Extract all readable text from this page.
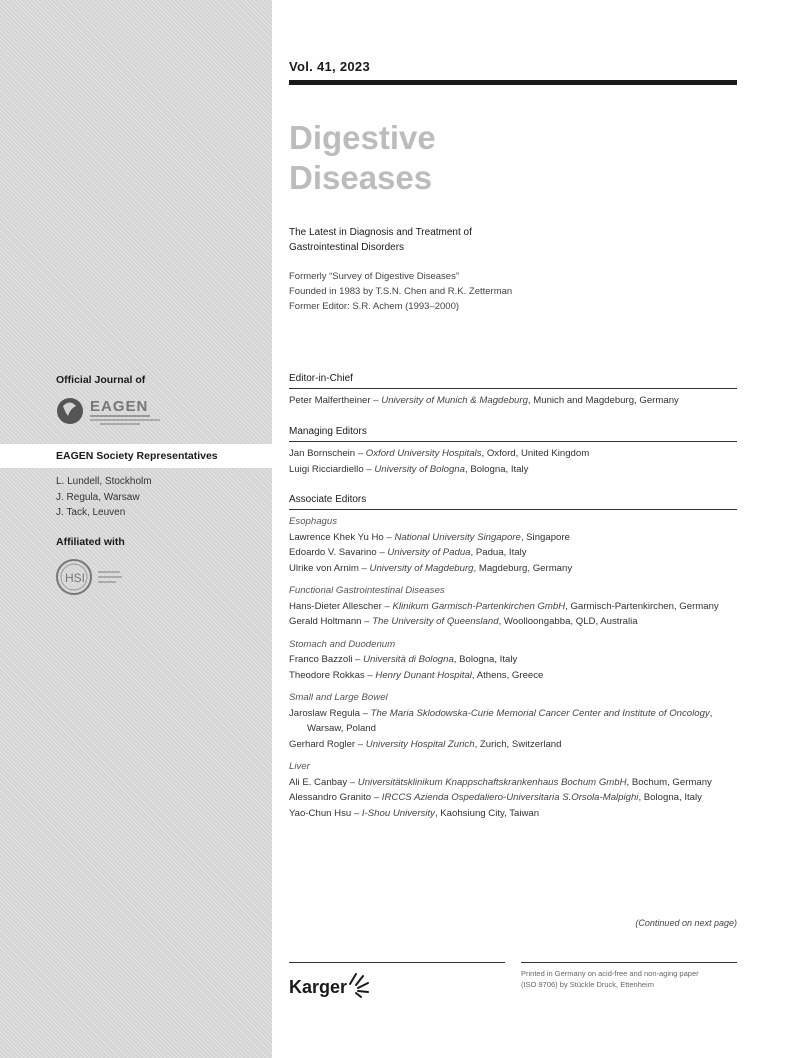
Official Journal of
EAGEN
EAGEN Society Representatives
L. Lundell, Stockholm
J. Regula, Warsaw
J. Tack, Leuven
Affiliated with
HSI
Vol. 41, 2023
Digestive
Diseases
The Latest in Diagnosis and Treatment of
Gastrointestinal Disorders
Formerly “Survey of Digestive Diseases”
Founded in 1983 by T.S.N. Chen and R.K. Zetterman
Former Editor: S.R. Achem (1993–2000)
Editor-in-Chief
Peter Malfertheiner – University of Munich & Magdeburg, Munich and Magdeburg, Germany
Managing Editors
Jan Bornschein – Oxford University Hospitals, Oxford, United Kingdom
Luigi Ricciardiello – University of Bologna, Bologna, Italy
Associate Editors
Esophagus
Lawrence Khek Yu Ho – National University Singapore, Singapore
Edoardo V. Savarino – University of Padua, Padua, Italy
Ulrike von Arnim – University of Magdeburg, Magdeburg, Germany
Functional Gastrointestinal Diseases
Hans-Dieter Allescher – Klinikum Garmisch-Partenkirchen GmbH, Garmisch-Partenkirchen, Germany
Gerald Holtmann – The University of Queensland, Woolloongabba, QLD, Australia
Stomach and Duodenum
Franco Bazzoli – Università di Bologna, Bologna, Italy
Theodore Rokkas – Henry Dunant Hospital, Athens, Greece
Small and Large Bowel
Jaroslaw Regula – The Maria Sklodowska-Curie Memorial Cancer Center and Institute of Oncology,
Warsaw, Poland
Gerhard Rogler – University Hospital Zurich, Zurich, Switzerland
Liver
Ali E. Canbay – Universitätsklinikum Knappschaftskrankenhaus Bochum GmbH, Bochum, Germany
Alessandro Granito – IRCCS Azienda Ospedaliero-Universitaria S.Orsola-Malpighi, Bologna, Italy
Yao-Chun Hsu – I-Shou University, Kaohsiung City, Taiwan
(Continued on next page)
Karger
Printed in Germany on acid-free and non-aging paper
(ISO 9706) by Stückle Druck, Ettenheim
